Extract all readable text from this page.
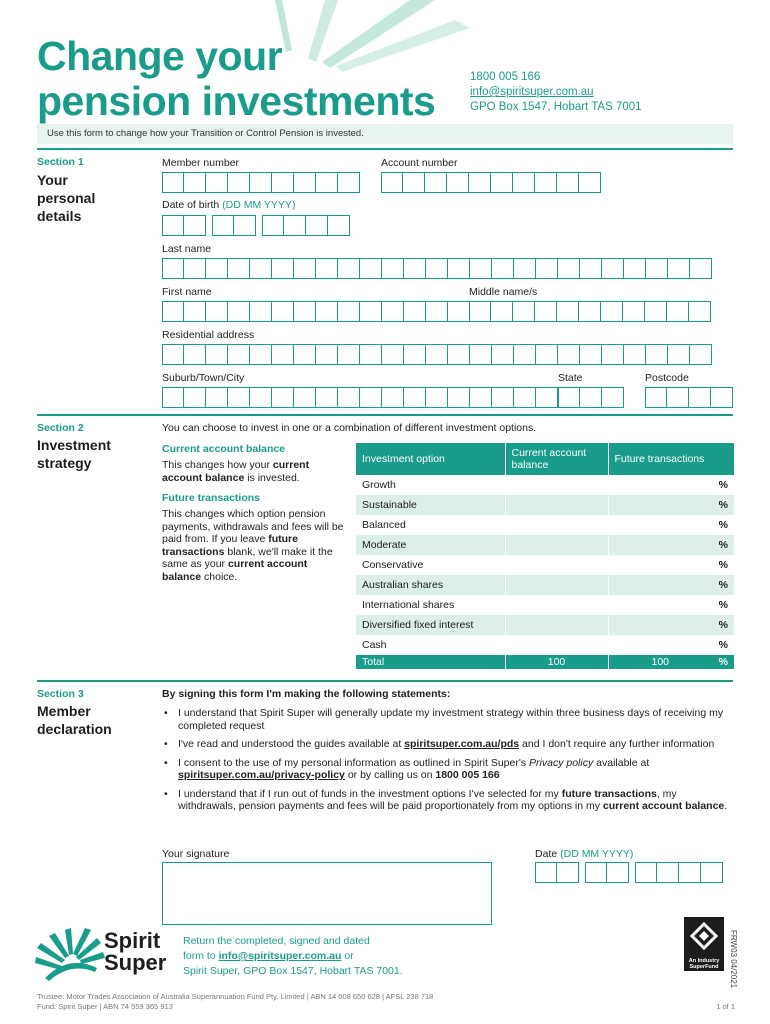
Change your
pension investments
1800 005 166
info@spiritsuper.com.au
GPO Box 1547, Hobart TAS 7001
Use this form to change how your Transition or Control Pension is invested.
Section 1
Your personal details
Member number	Account number
Date of birth (DD MM YYYY)
Last name
First name	Middle name/s
Residential address
Suburb/Town/City	State	Postcode
Section 2
Investment strategy
You can choose to invest in one or a combination of different investment options.
Current account balance
This changes how your current account balance is invested.
Future transactions
This changes which option pension payments, withdrawals and fees will be paid from. If you leave future transactions blank, we'll make it the same as your current account balance choice.
Investment option	Current account balance	Future transactions	
Growth			%
Sustainable			%
Balanced			%
Moderate			%
Conservative			%
Australian shares			%
International shares			%
Diversified fixed interest			%
Cash			%
Total	100	100	%
Section 3
Member declaration
By signing this form I'm making the following statements:
• I understand that Spirit Super will generally update my investment strategy within three business days of receiving my completed request
• I've read and understood the guides available at spiritsuper.com.au/pds and I don't require any further information
• I consent to the use of my personal information as outlined in Spirit Super's Privacy policy available at spiritsuper.com.au/privacy-policy or by calling us on 1800 005 166
• I understand that if I run out of funds in the investment options I've selected for my future transactions, my withdrawals, pension payments and fees will be paid proportionately from my options in my current account balance.
Your signature	Date (DD MM YYYY)
Spirit
Super
Return the completed, signed and dated
form to info@spiritsuper.com.au or
Spirit Super, GPO Box 1547, Hobart TAS 7001.
An Industry
SuperFund	FRW03 04/2021
Trustee: Motor Trades Association of Australia Superannuation Fund Pty. Limited | ABN 14 008 650 628 | AFSL 238 718
Fund: Spirit Super | ABN 74 559 365 913	1 of 1
